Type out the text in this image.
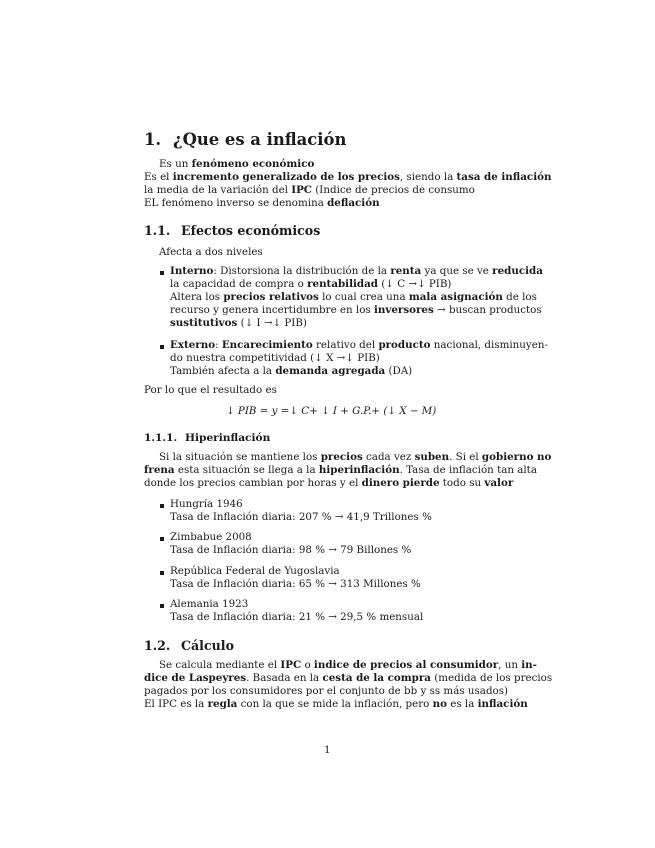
1. ¿Que es a inflación
Es un fenómeno económico
Es el incremento generalizado de los precios, siendo la tasa de inflación
la media de la variación del IPC (Indice de precios de consumo
EL fenómeno inverso se denomina deflación
1.1. Efectos económicos
Afecta a dos niveles
Interno: Distorsiona la distribución de la renta ya que se ve reducida
la capacidad de compra o rentabilidad (↓ C →↓ PIB)
Altera los precios relativos lo cual crea una mala asignación de los
recurso y genera incertidumbre en los inversores → buscan productos
sustitutivos (↓ I →↓ PIB)
Externo: Encarecimiento relativo del producto nacional, disminuyen-
do nuestra competitividad (↓ X →↓ PIB)
También afecta a la demanda agregada (DA)
Por lo que el resultado es
↓ PIB = y =↓ C+ ↓ I + G.P.+ (↓ X − M)
1.1.1. Hiperinflación
Si la situación se mantiene los precios cada vez suben. Si el gobierno no
frena esta situación se llega a la hiperinflación. Tasa de inflación tan alta
donde los precios cambian por horas y el dinero pierde todo su valor
Hungría 1946
Tasa de Inflación diaria: 207 % → 41,9 Trillones %
Zimbabue 2008
Tasa de Inflación diaria: 98 % → 79 Billones %
República Federal de Yugoslavia
Tasa de Inflación diaria: 65 % → 313 Millones %
Alemania 1923
Tasa de Inflación diaria: 21 % → 29,5 % mensual
1.2. Cálculo
Se calcula mediante el IPC o indice de precios al consumidor, un in-
dice de Laspeyres. Basada en la cesta de la compra (medida de los precios
pagados por los consumidores por el conjunto de bb y ss más usados)
El IPC es la regla con la que se mide la inflación, pero no es la inflación
1
